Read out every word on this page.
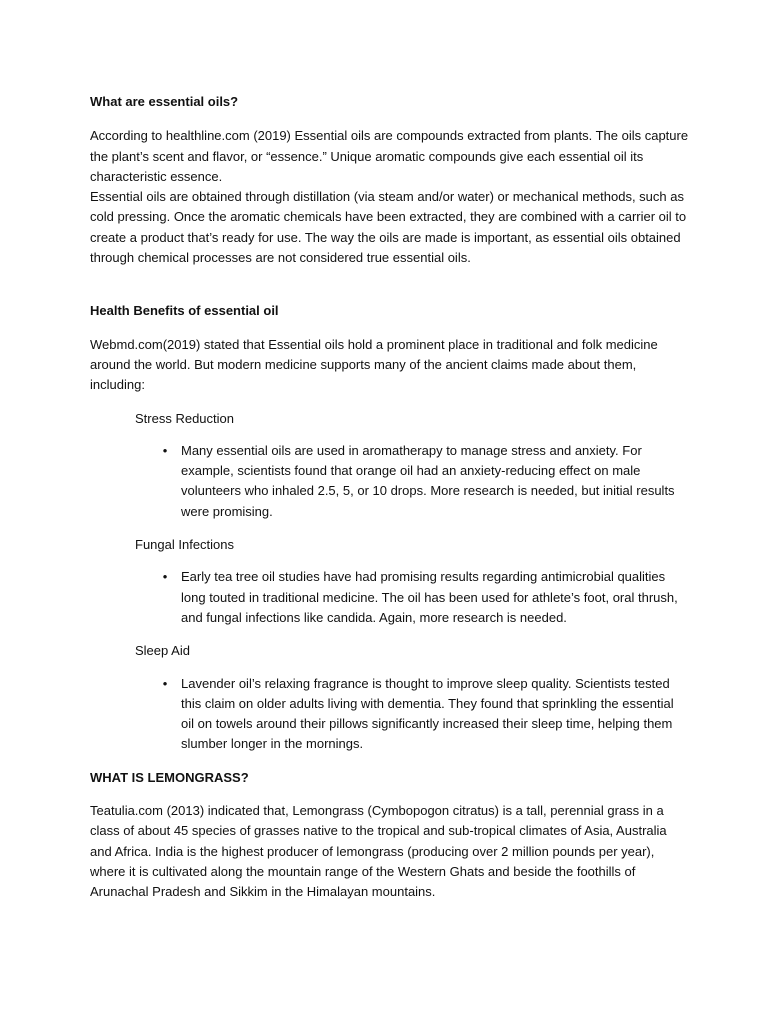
What are essential oils?

According to healthline.com (2019) Essential oils are compounds extracted from plants. The oils capture the plant’s scent and flavor, or “essence.” Unique aromatic compounds give each essential oil its characteristic essence.

Essential oils are obtained through distillation (via steam and/or water) or mechanical methods, such as cold pressing. Once the aromatic chemicals have been extracted, they are combined with a carrier oil to create a product that’s ready for use. The way the oils are made is important, as essential oils obtained through chemical processes are not considered true essential oils.

Health Benefits of essential oil

Webmd.com(2019) stated that Essential oils hold a prominent place in traditional and folk medicine around the world. But modern medicine supports many of the ancient claims made about them, including:

Stress Reduction

• Many essential oils are used in aromatherapy to manage stress and anxiety. For example, scientists found that orange oil had an anxiety-reducing effect on male volunteers who inhaled 2.5, 5, or 10 drops. More research is needed, but initial results were promising.

Fungal Infections

• Early tea tree oil studies have had promising results regarding antimicrobial qualities long touted in traditional medicine. The oil has been used for athlete’s foot, oral thrush, and fungal infections like candida. Again, more research is needed.

Sleep Aid

• Lavender oil’s relaxing fragrance is thought to improve sleep quality. Scientists tested this claim on older adults living with dementia. They found that sprinkling the essential oil on towels around their pillows significantly increased their sleep time, helping them slumber longer in the mornings.

WHAT IS LEMONGRASS?

Teatulia.com (2013) indicated that, Lemongrass (Cymbopogon citratus) is a tall, perennial grass in a class of about 45 species of grasses native to the tropical and sub-tropical climates of Asia, Australia and Africa. India is the highest producer of lemongrass (producing over 2 million pounds per year), where it is cultivated along the mountain range of the Western Ghats and beside the foothills of Arunachal Pradesh and Sikkim in the Himalayan mountains.
